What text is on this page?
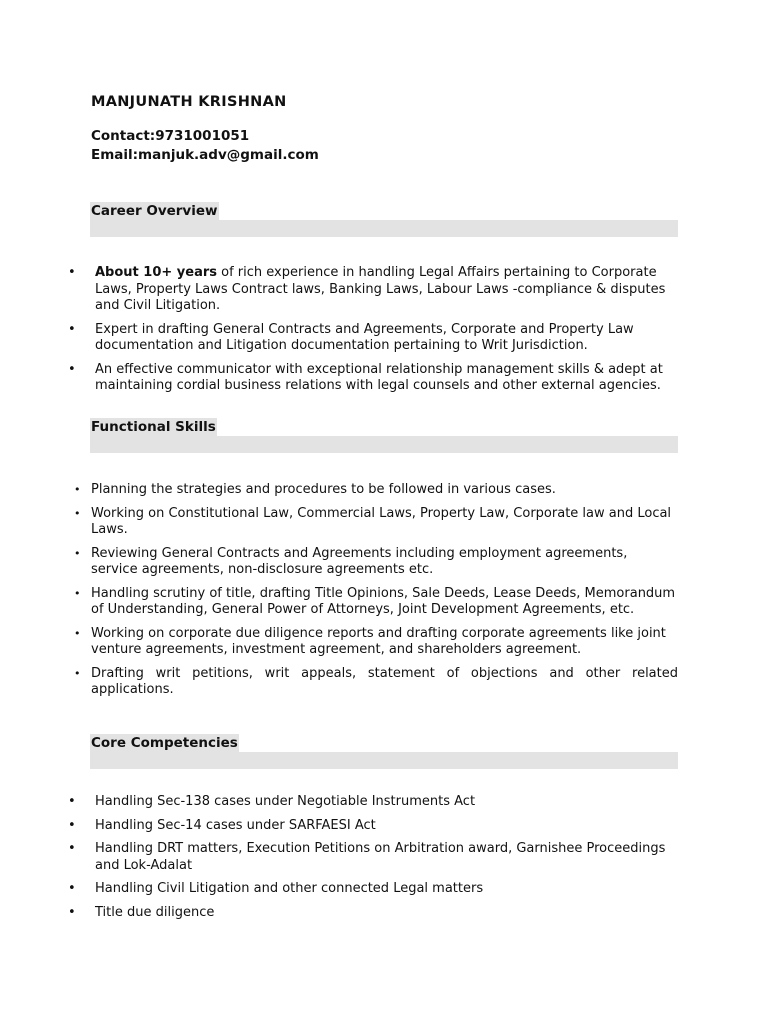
MANJUNATH KRISHNAN
Contact:9731001051
Email:manjuk.adv@gmail.com
Career Overview
• About 10+ years of rich experience in handling Legal Affairs pertaining to Corporate Laws, Property Laws Contract laws, Banking Laws, Labour Laws -compliance & disputes and Civil Litigation.
• Expert in drafting General Contracts and Agreements, Corporate and Property Law documentation and Litigation documentation pertaining to Writ Jurisdiction.
• An effective communicator with exceptional relationship management skills & adept at maintaining cordial business relations with legal counsels and other external agencies.
Functional Skills
• Planning the strategies and procedures to be followed in various cases.
• Working on Constitutional Law, Commercial Laws, Property Law, Corporate law and Local Laws.
• Reviewing General Contracts and Agreements including employment agreements, service agreements, non-disclosure agreements etc.
• Handling scrutiny of title, drafting Title Opinions, Sale Deeds, Lease Deeds, Memorandum of Understanding, General Power of Attorneys, Joint Development Agreements, etc.
• Working on corporate due diligence reports and drafting corporate agreements like joint venture agreements, investment agreement, and shareholders agreement.
• Drafting writ petitions, writ appeals, statement of objections and other related applications.
Core Competencies
• Handling Sec-138 cases under Negotiable Instruments Act
• Handling Sec-14 cases under SARFAESI Act
• Handling DRT matters, Execution Petitions on Arbitration award, Garnishee Proceedings and Lok-Adalat
• Handling Civil Litigation and other connected Legal matters
• Title due diligence
